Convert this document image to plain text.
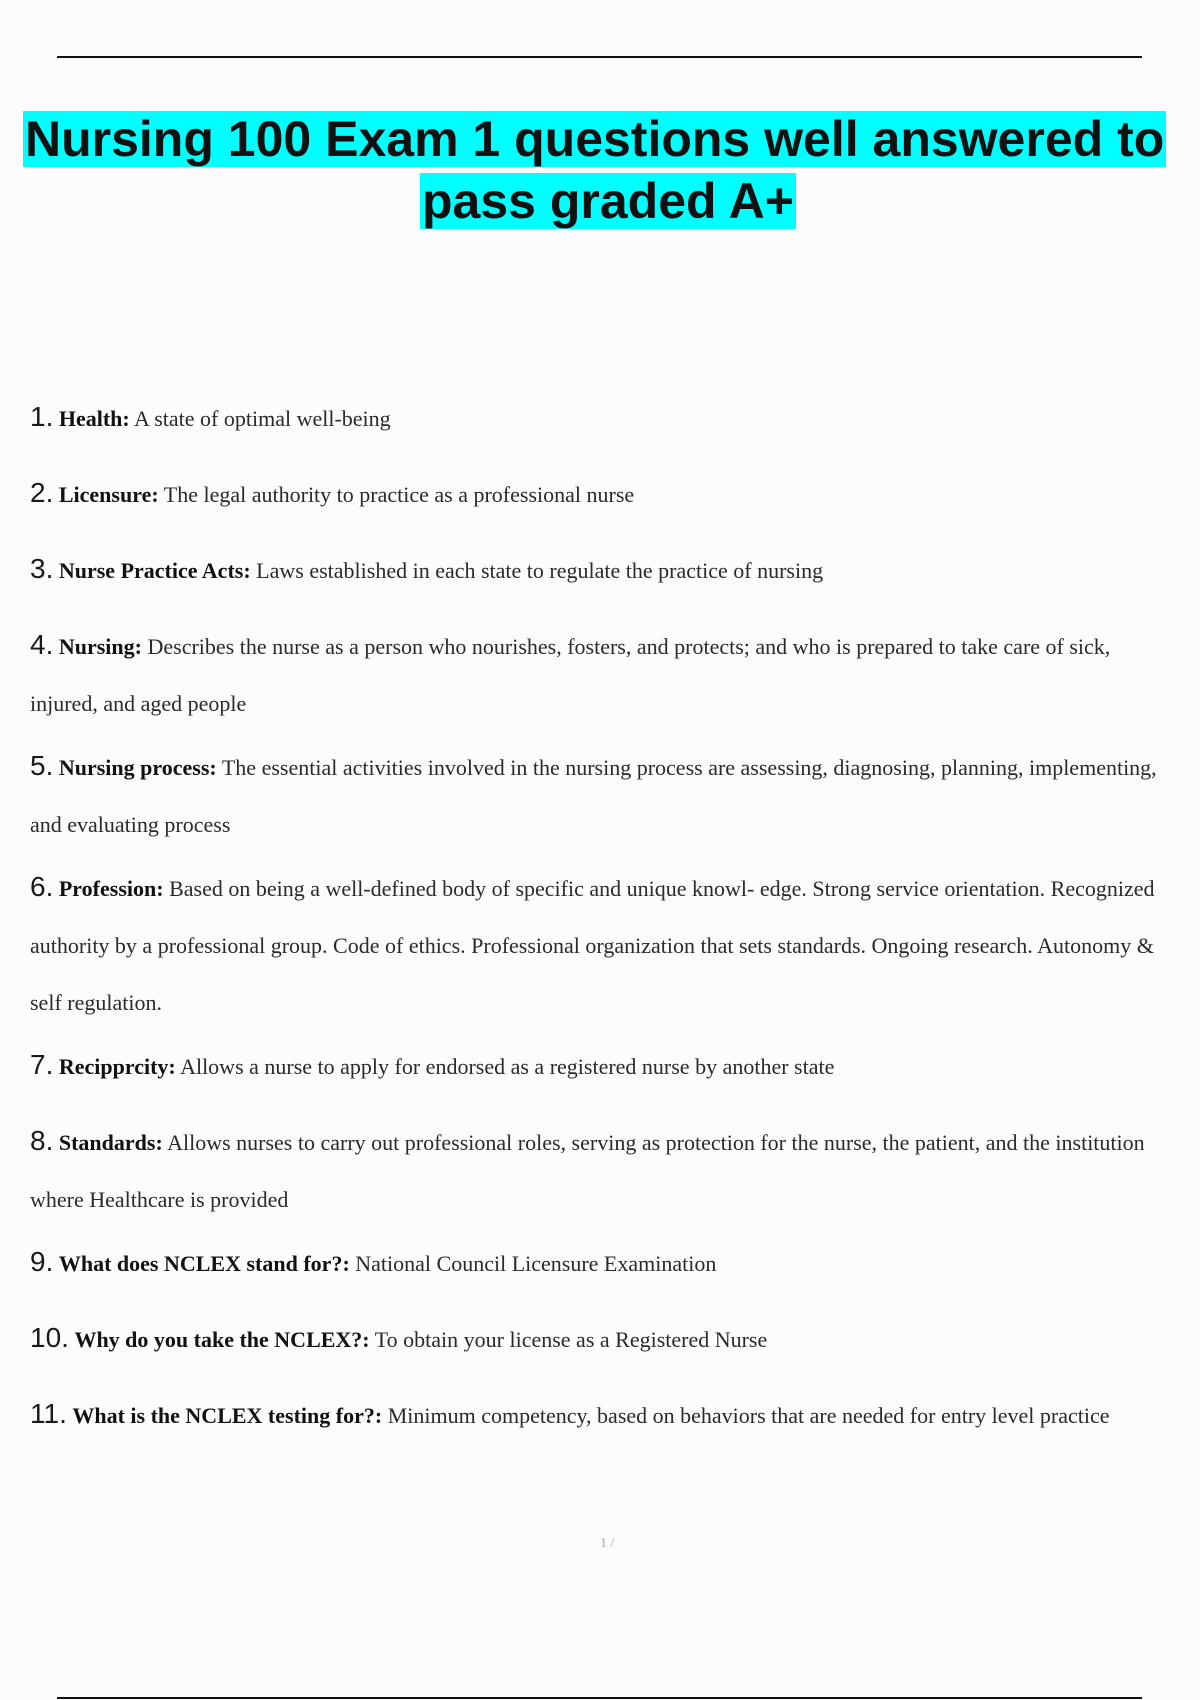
Nursing 100 Exam 1 questions well answered to
pass graded A+
1. Health: A state of optimal well-being
2. Licensure: The legal authority to practice as a professional nurse
3. Nurse Practice Acts: Laws established in each state to regulate the practice of nursing
4. Nursing: Describes the nurse as a person who nourishes, fosters, and protects; and who is prepared to take care of sick, injured, and aged people
5. Nursing process: The essential activities involved in the nursing process are assessing, diagnosing, planning, implementing, and evaluating process
6. Profession: Based on being a well-defined body of specific and unique knowl- edge. Strong service orientation. Recognized authority by a professional group. Code of ethics. Professional organization that sets standards. Ongoing research. Autonomy & self regulation.
7. Recipprcity: Allows a nurse to apply for endorsed as a registered nurse by another state
8. Standards: Allows nurses to carry out professional roles, serving as protection for the nurse, the patient, and the institution where Healthcare is provided
9. What does NCLEX stand for?: National Council Licensure Examination
10. Why do you take the NCLEX?: To obtain your license as a Registered Nurse
11. What is the NCLEX testing for?: Minimum competency, based on behaviors that are needed for entry level practice
1 /
